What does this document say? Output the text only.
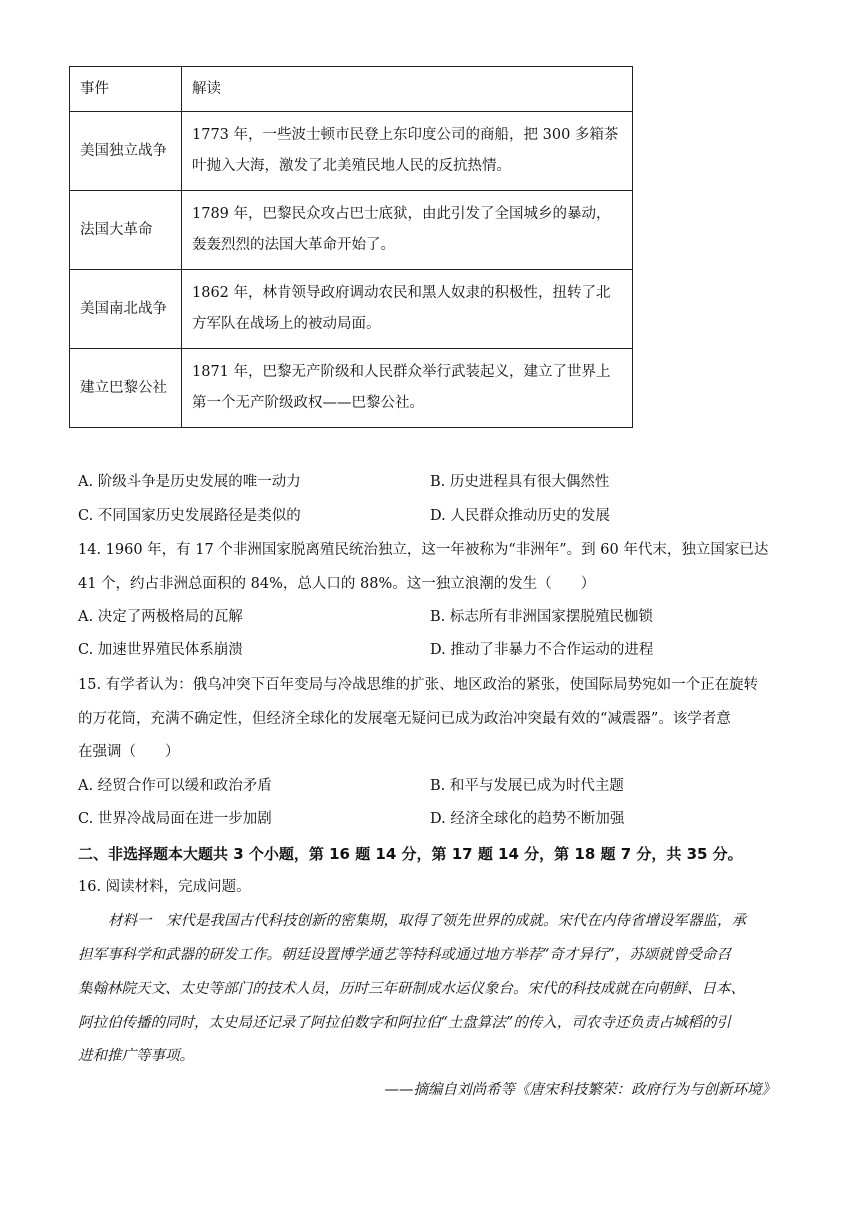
事件	解读
美国独立战争	1773 年，一些波士顿市民登上东印度公司的商船，把 300 多箱茶
叶抛入大海，激发了北美殖民地人民的反抗热情。
法国大革命	1789 年，巴黎民众攻占巴士底狱，由此引发了全国城乡的暴动，
轰轰烈烈的法国大革命开始了。
美国南北战争	1862 年，林肯领导政府调动农民和黑人奴隶的积极性，扭转了北
方军队在战场上的被动局面。
建立巴黎公社	1871 年，巴黎无产阶级和人民群众举行武装起义，建立了世界上
第一个无产阶级政权——巴黎公社。
A. 阶级斗争是历史发展的唯一动力	B. 历史进程具有很大偶然性
C. 不同国家历史发展路径是类似的	D. 人民群众推动历史的发展
14. 1960 年，有 17 个非洲国家脱离殖民统治独立，这一年被称为“非洲年”。到 60 年代末，独立国家已达
41 个，约占非洲总面积的 84%，总人口的 88%。这一独立浪潮的发生（　　）
A. 决定了两极格局的瓦解	B. 标志所有非洲国家摆脱殖民枷锁
C. 加速世界殖民体系崩溃	D. 推动了非暴力不合作运动的进程
15. 有学者认为：俄乌冲突下百年变局与冷战思维的扩张、地区政治的紧张，使国际局势宛如一个正在旋转
的万花筒，充满不确定性，但经济全球化的发展毫无疑问已成为政治冲突最有效的“减震器”。该学者意
在强调（　　）
A. 经贸合作可以缓和政治矛盾	B. 和平与发展已成为时代主题
C. 世界冷战局面在进一步加剧	D. 经济全球化的趋势不断加强
二、非选择题本大题共 3 个小题，第 16 题 14 分，第 17 题 14 分，第 18 题 7 分，共 35 分。
16. 阅读材料，完成问题。
材料一　宋代是我国古代科技创新的密集期，取得了领先世界的成就。宋代在内侍省增设军器监，承
担军事科学和武器的研发工作。朝廷设置博学通艺等特科或通过地方举荐“奇才异行”，苏颂就曾受命召
集翰林院天文、太史等部门的技术人员，历时三年研制成水运仪象台。宋代的科技成就在向朝鲜、日本、
阿拉伯传播的同时，太史局还记录了阿拉伯数字和阿拉伯“土盘算法”的传入，司农寺还负责占城稻的引
进和推广等事项。
——摘编自刘尚希等《唐宋科技繁荣：政府行为与创新环境》
